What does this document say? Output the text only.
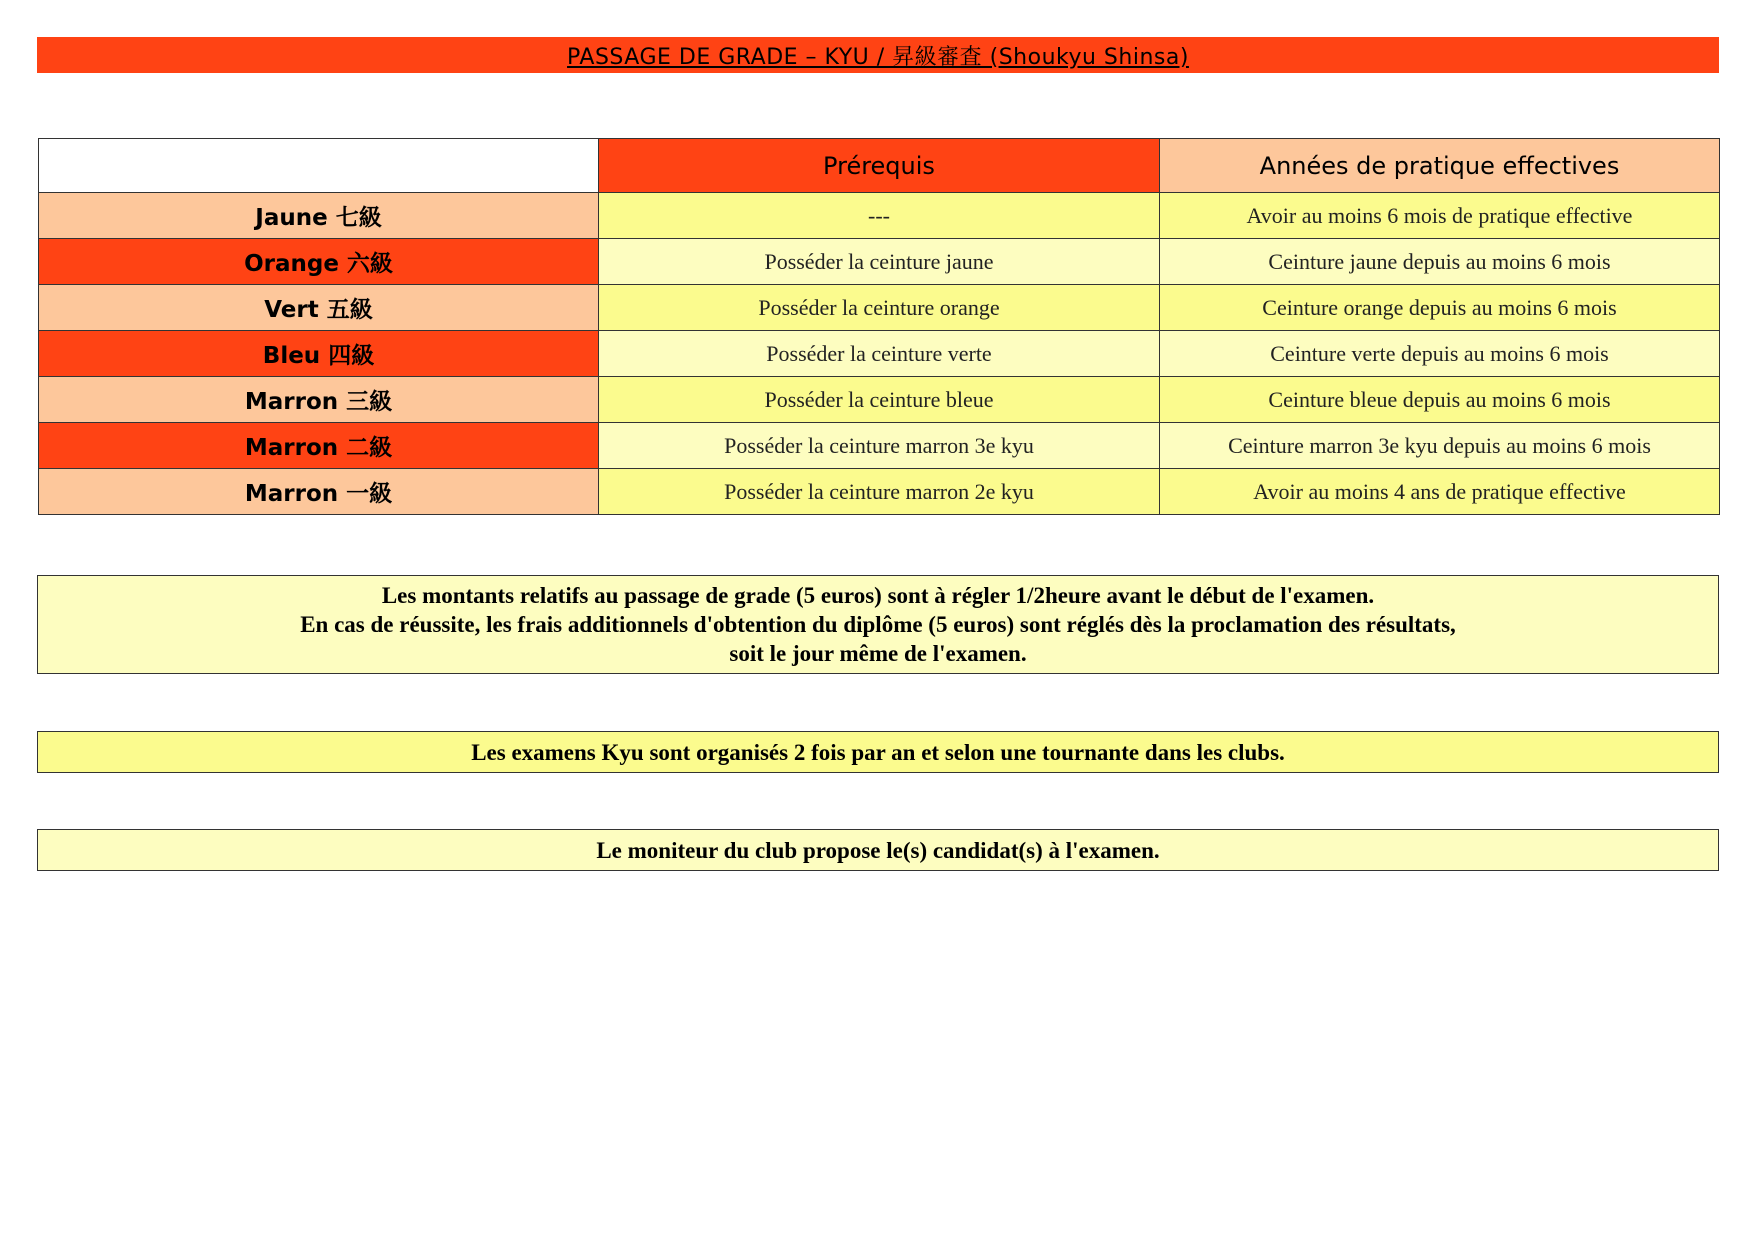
PASSAGE DE GRADE – KYU / 昇級審査 (Shoukyu Shinsa)
	Prérequis	Années de pratique effectives
Jaune 七級	---	Avoir au moins 6 mois de pratique effective
Orange 六級	Posséder la ceinture jaune	Ceinture jaune depuis au moins 6 mois
Vert 五級	Posséder la ceinture orange	Ceinture orange depuis au moins 6 mois
Bleu 四級	Posséder la ceinture verte	Ceinture verte depuis au moins 6 mois
Marron 三級	Posséder la ceinture bleue	Ceinture bleue depuis au moins 6 mois
Marron 二級	Posséder la ceinture marron 3e kyu	Ceinture marron 3e kyu depuis au moins 6 mois
Marron 一級	Posséder la ceinture marron 2e kyu	Avoir au moins 4 ans de pratique effective
Les montants relatifs au passage de grade (5 euros) sont à régler 1/2heure avant le début de l'examen.
En cas de réussite, les frais additionnels d'obtention du diplôme (5 euros) sont réglés dès la proclamation des résultats,
soit le jour même de l'examen.
Les examens Kyu sont organisés 2 fois par an et selon une tournante dans les clubs.
Le moniteur du club propose le(s) candidat(s) à l'examen.
